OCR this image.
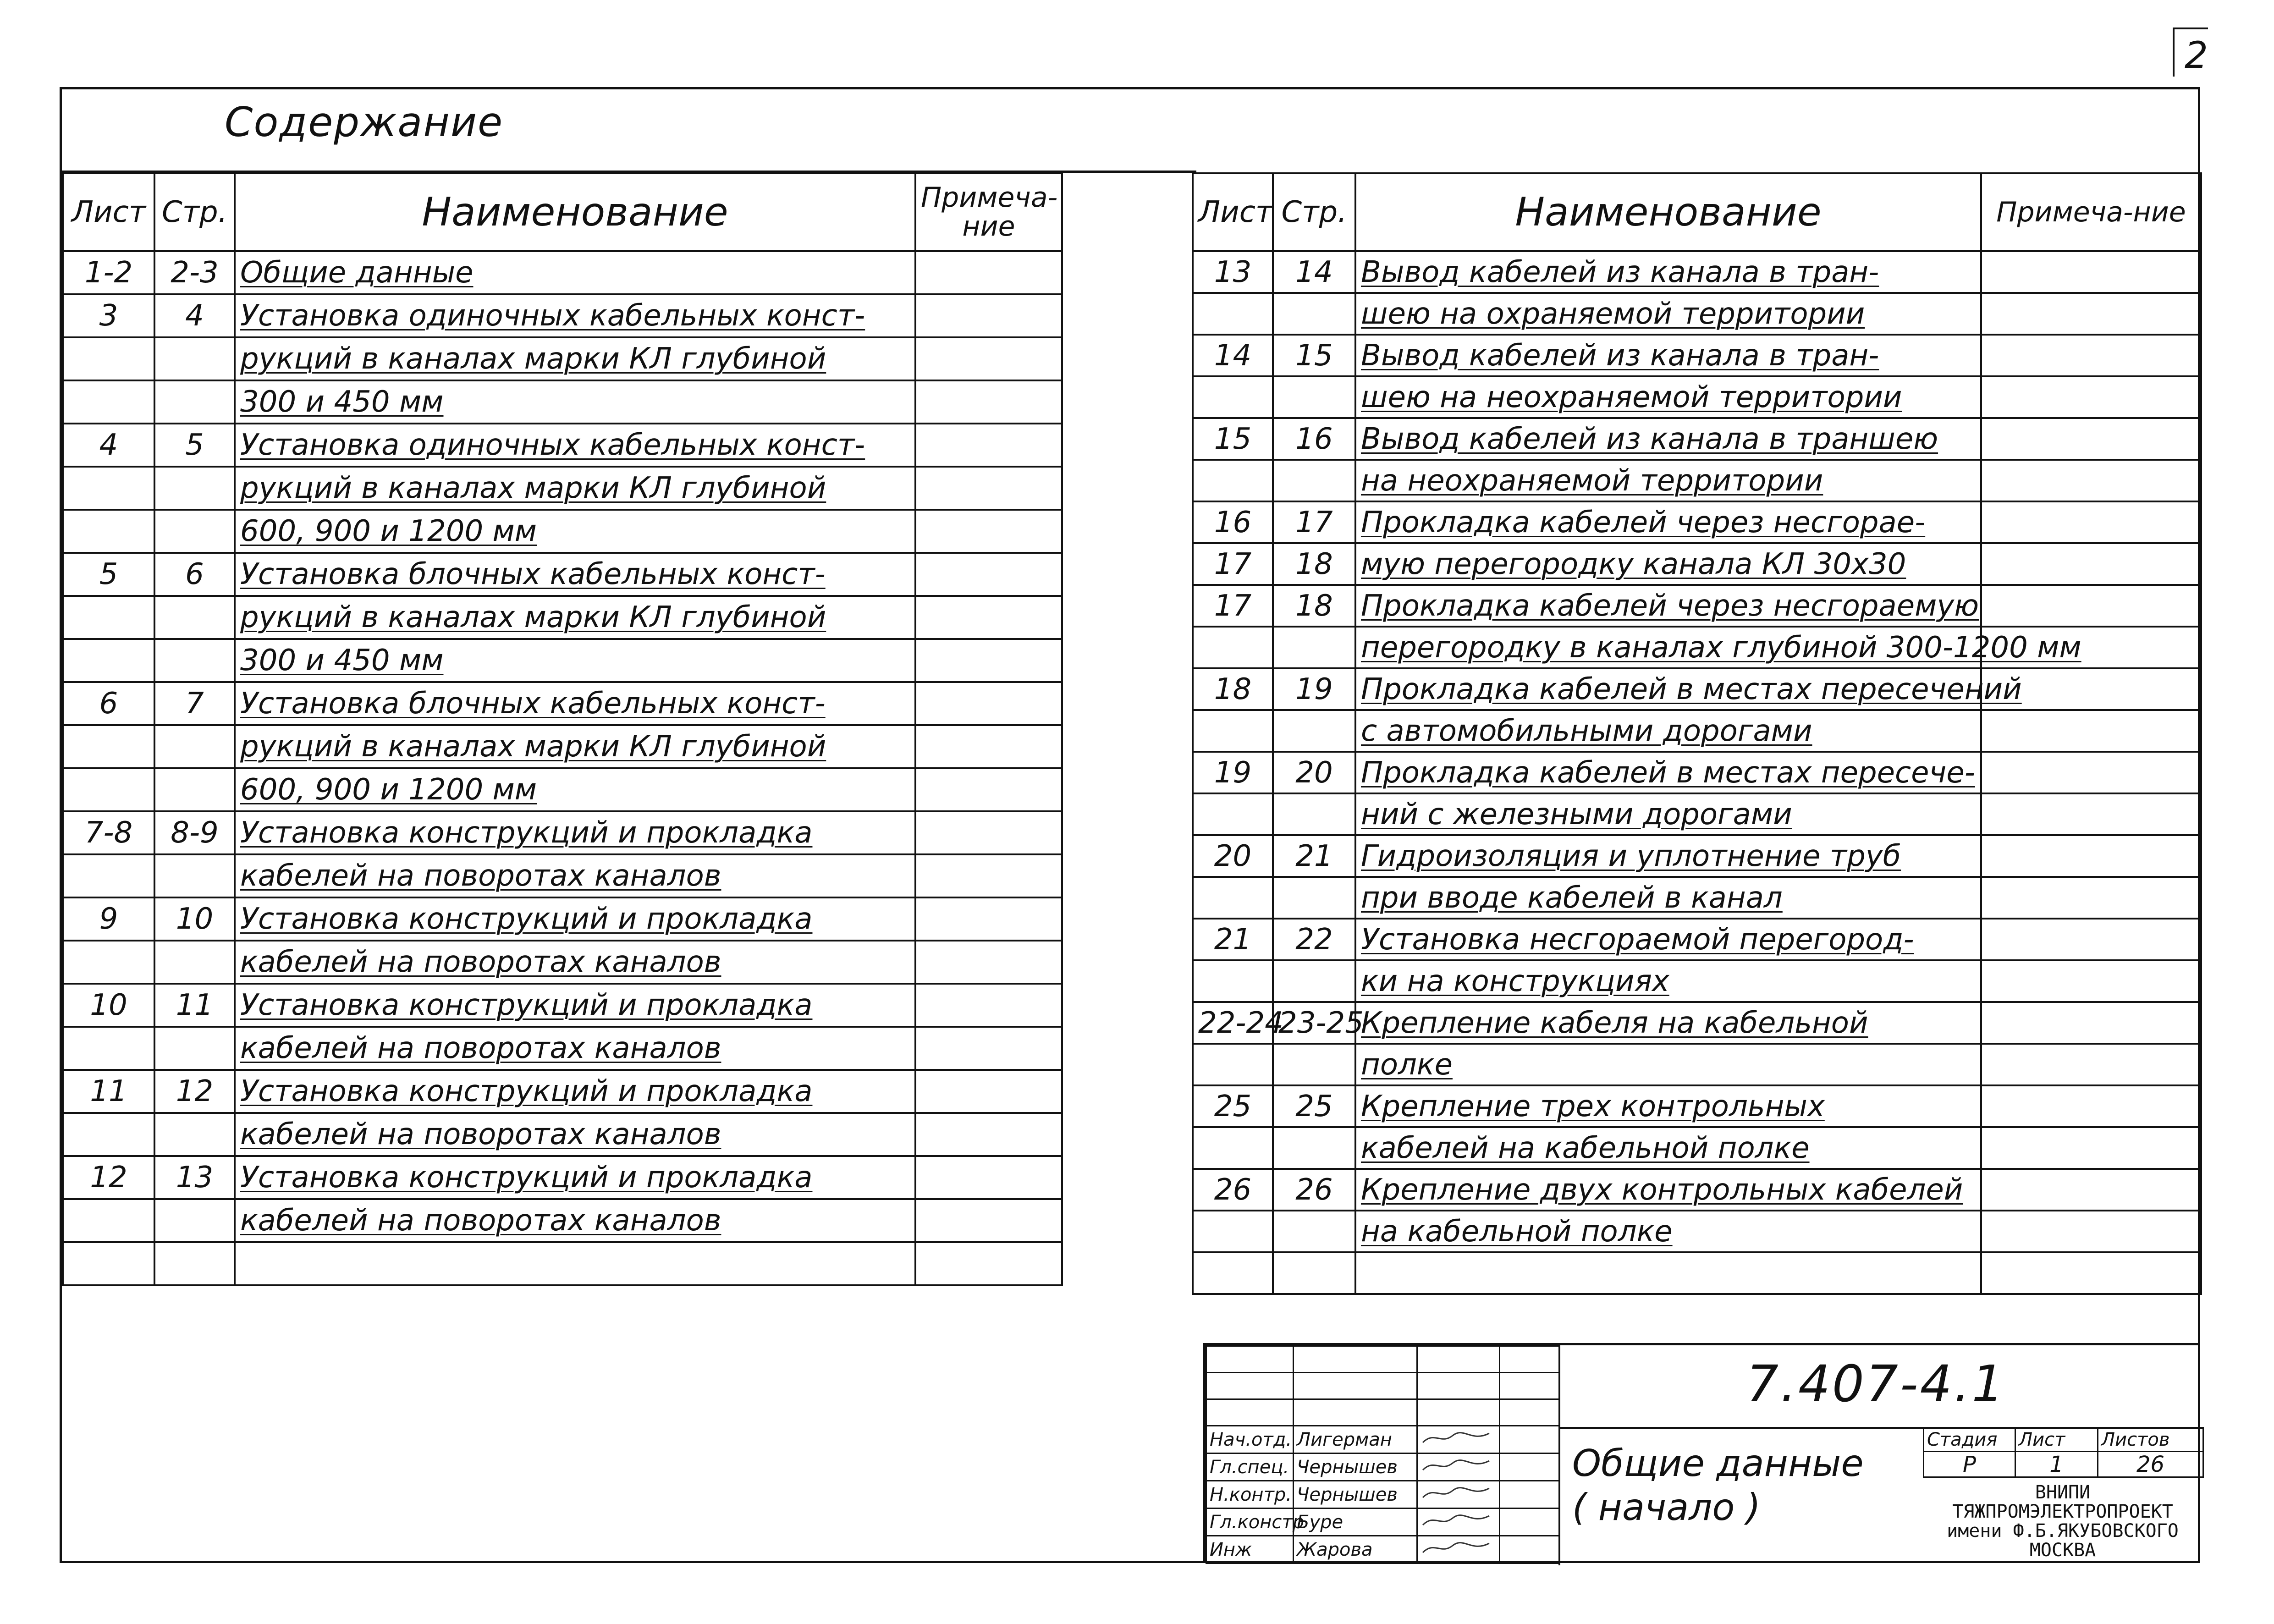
2
Содержание
Лист	Стр.	Наименование	Примеча-ние
1-2	2-3	Общие данные	
3	4	Установка одиночных кабельных конст-	
		рукций в каналах марки КЛ глубиной	
		300 и 450 мм	
4	5	Установка одиночных кабельных конст-	
		рукций в каналах марки КЛ глубиной	
		600, 900 и 1200 мм	
5	6	Установка блочных кабельных конст-	
		рукций в каналах марки КЛ глубиной	
		300 и 450 мм	
6	7	Установка блочных кабельных конст-	
		рукций в каналах марки КЛ глубиной	
		600, 900 и 1200 мм	
7-8	8-9	Установка конструкций и прокладка	
		кабелей на поворотах каналов	
9	10	Установка конструкций и прокладка	
		кабелей на поворотах каналов	
10	11	Установка конструкций и прокладка	
		кабелей на поворотах каналов	
11	12	Установка конструкций и прокладка	
		кабелей на поворотах каналов	
12	13	Установка конструкций и прокладка	
		кабелей на поворотах каналов	

Лист	Стр.	Наименование	Примеча-ние
13	14	Вывод кабелей из канала в тран-	
		шею на охраняемой территории	
14	15	Вывод кабелей из канала в тран-	
		шею на неохраняемой территории	
15	16	Вывод кабелей из канала в траншею	
		на неохраняемой территории	
16	17	Прокладка кабелей через несгорае-	
17	18	мую перегородку канала КЛ 30х30	
17	18	Прокладка кабелей через несгораемую	
		перегородку в каналах глубиной 300-1200 мм	
18	19	Прокладка кабелей в местах пересечений	
		с автомобильными дорогами	
19	20	Прокладка кабелей в местах пересече-	
		ний с железными дорогами	
20	21	Гидроизоляция и уплотнение труб	
		при вводе кабелей в канал	
21	22	Установка несгораемой перегород-	
		ки на конструкциях	
22-24	23-25	Крепление кабеля на кабельной	
		полке	
25	25	Крепление трех контрольных	
		кабелей на кабельной полке	
26	26	Крепление двух контрольных кабелей	
		на кабельной полке	

Нач.отд.	Лигерман		
Гл.спец.	Чернышев		
Н.контр.	Чернышев		
Гл.констр	Буре		
Инж	Жарова		
7.407-4.1
Общие данные
( начало )
Стадия	Лист	Листов
Р	1	26
ВНИПИ
ТЯЖПРОМЭЛЕКТРОПРОЕКТ
имени Ф.Б.ЯКУБОВСКОГО
МОСКВА
